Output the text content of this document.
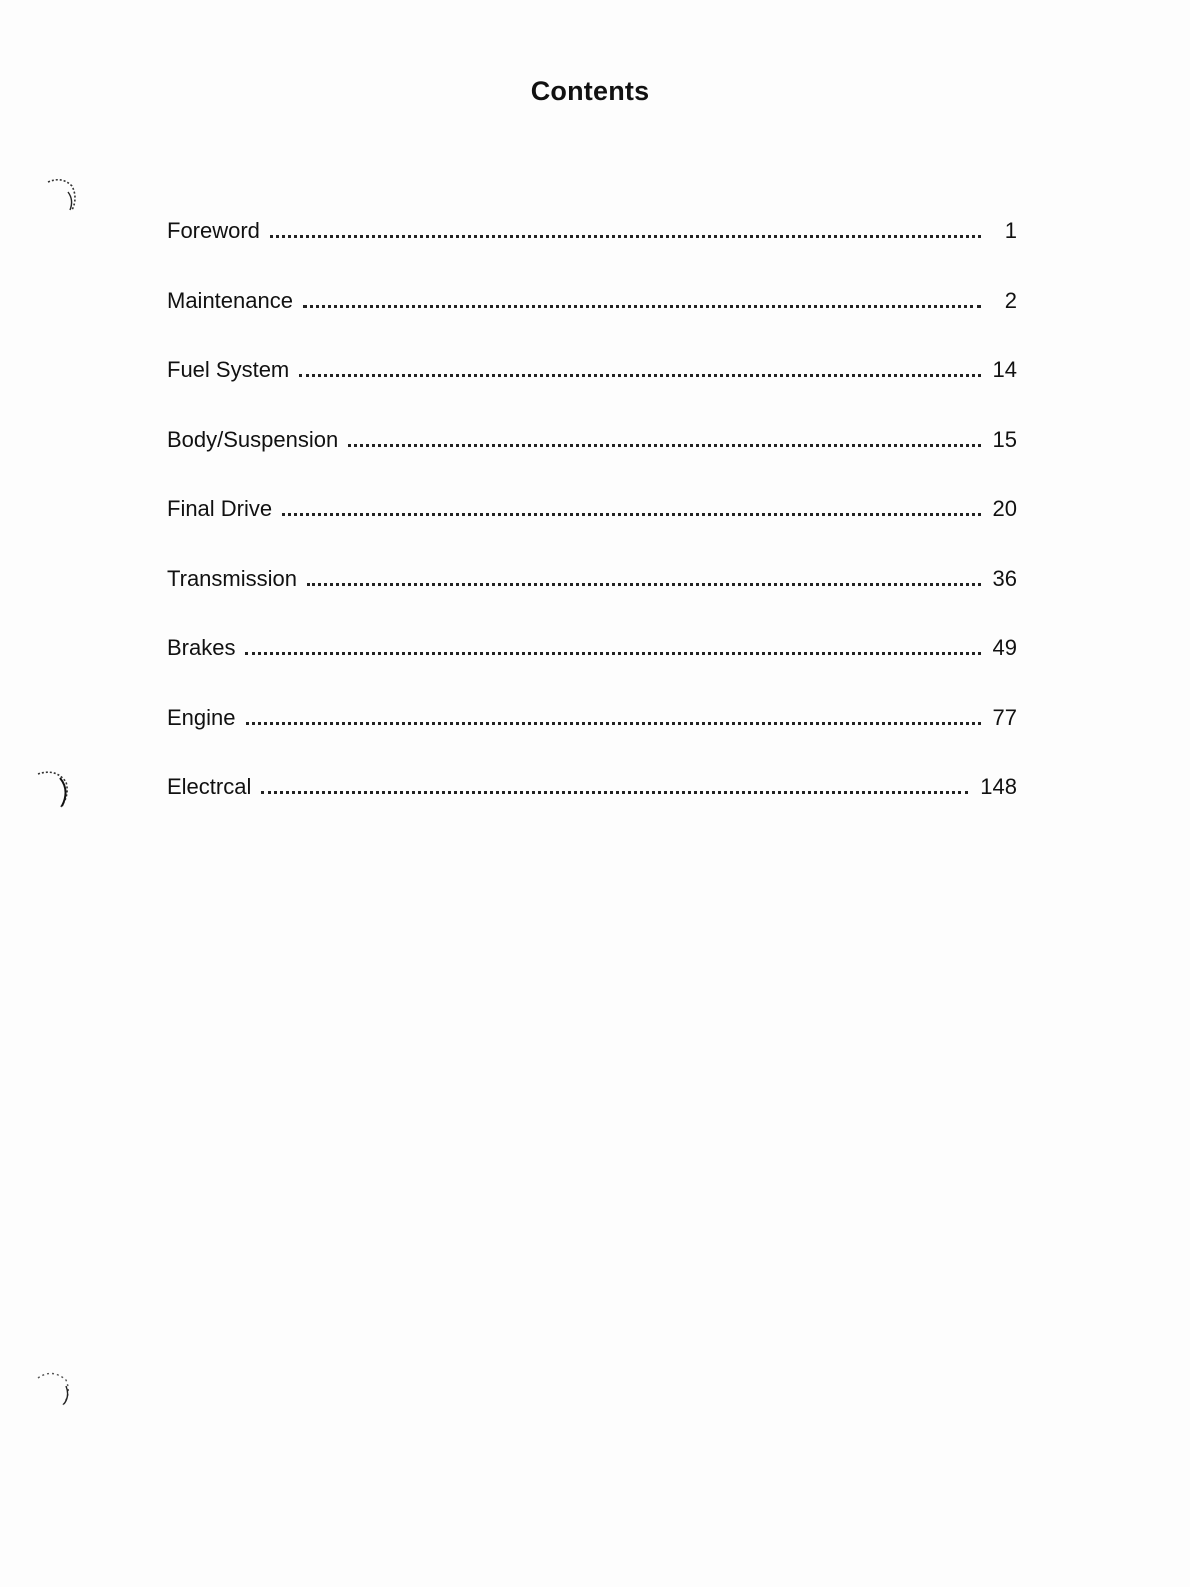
Contents
Foreword	1
Maintenance	2
Fuel System	14
Body/Suspension	15
Final Drive	20
Transmission	36
Brakes	49
Engine	77
Electrcal	148
